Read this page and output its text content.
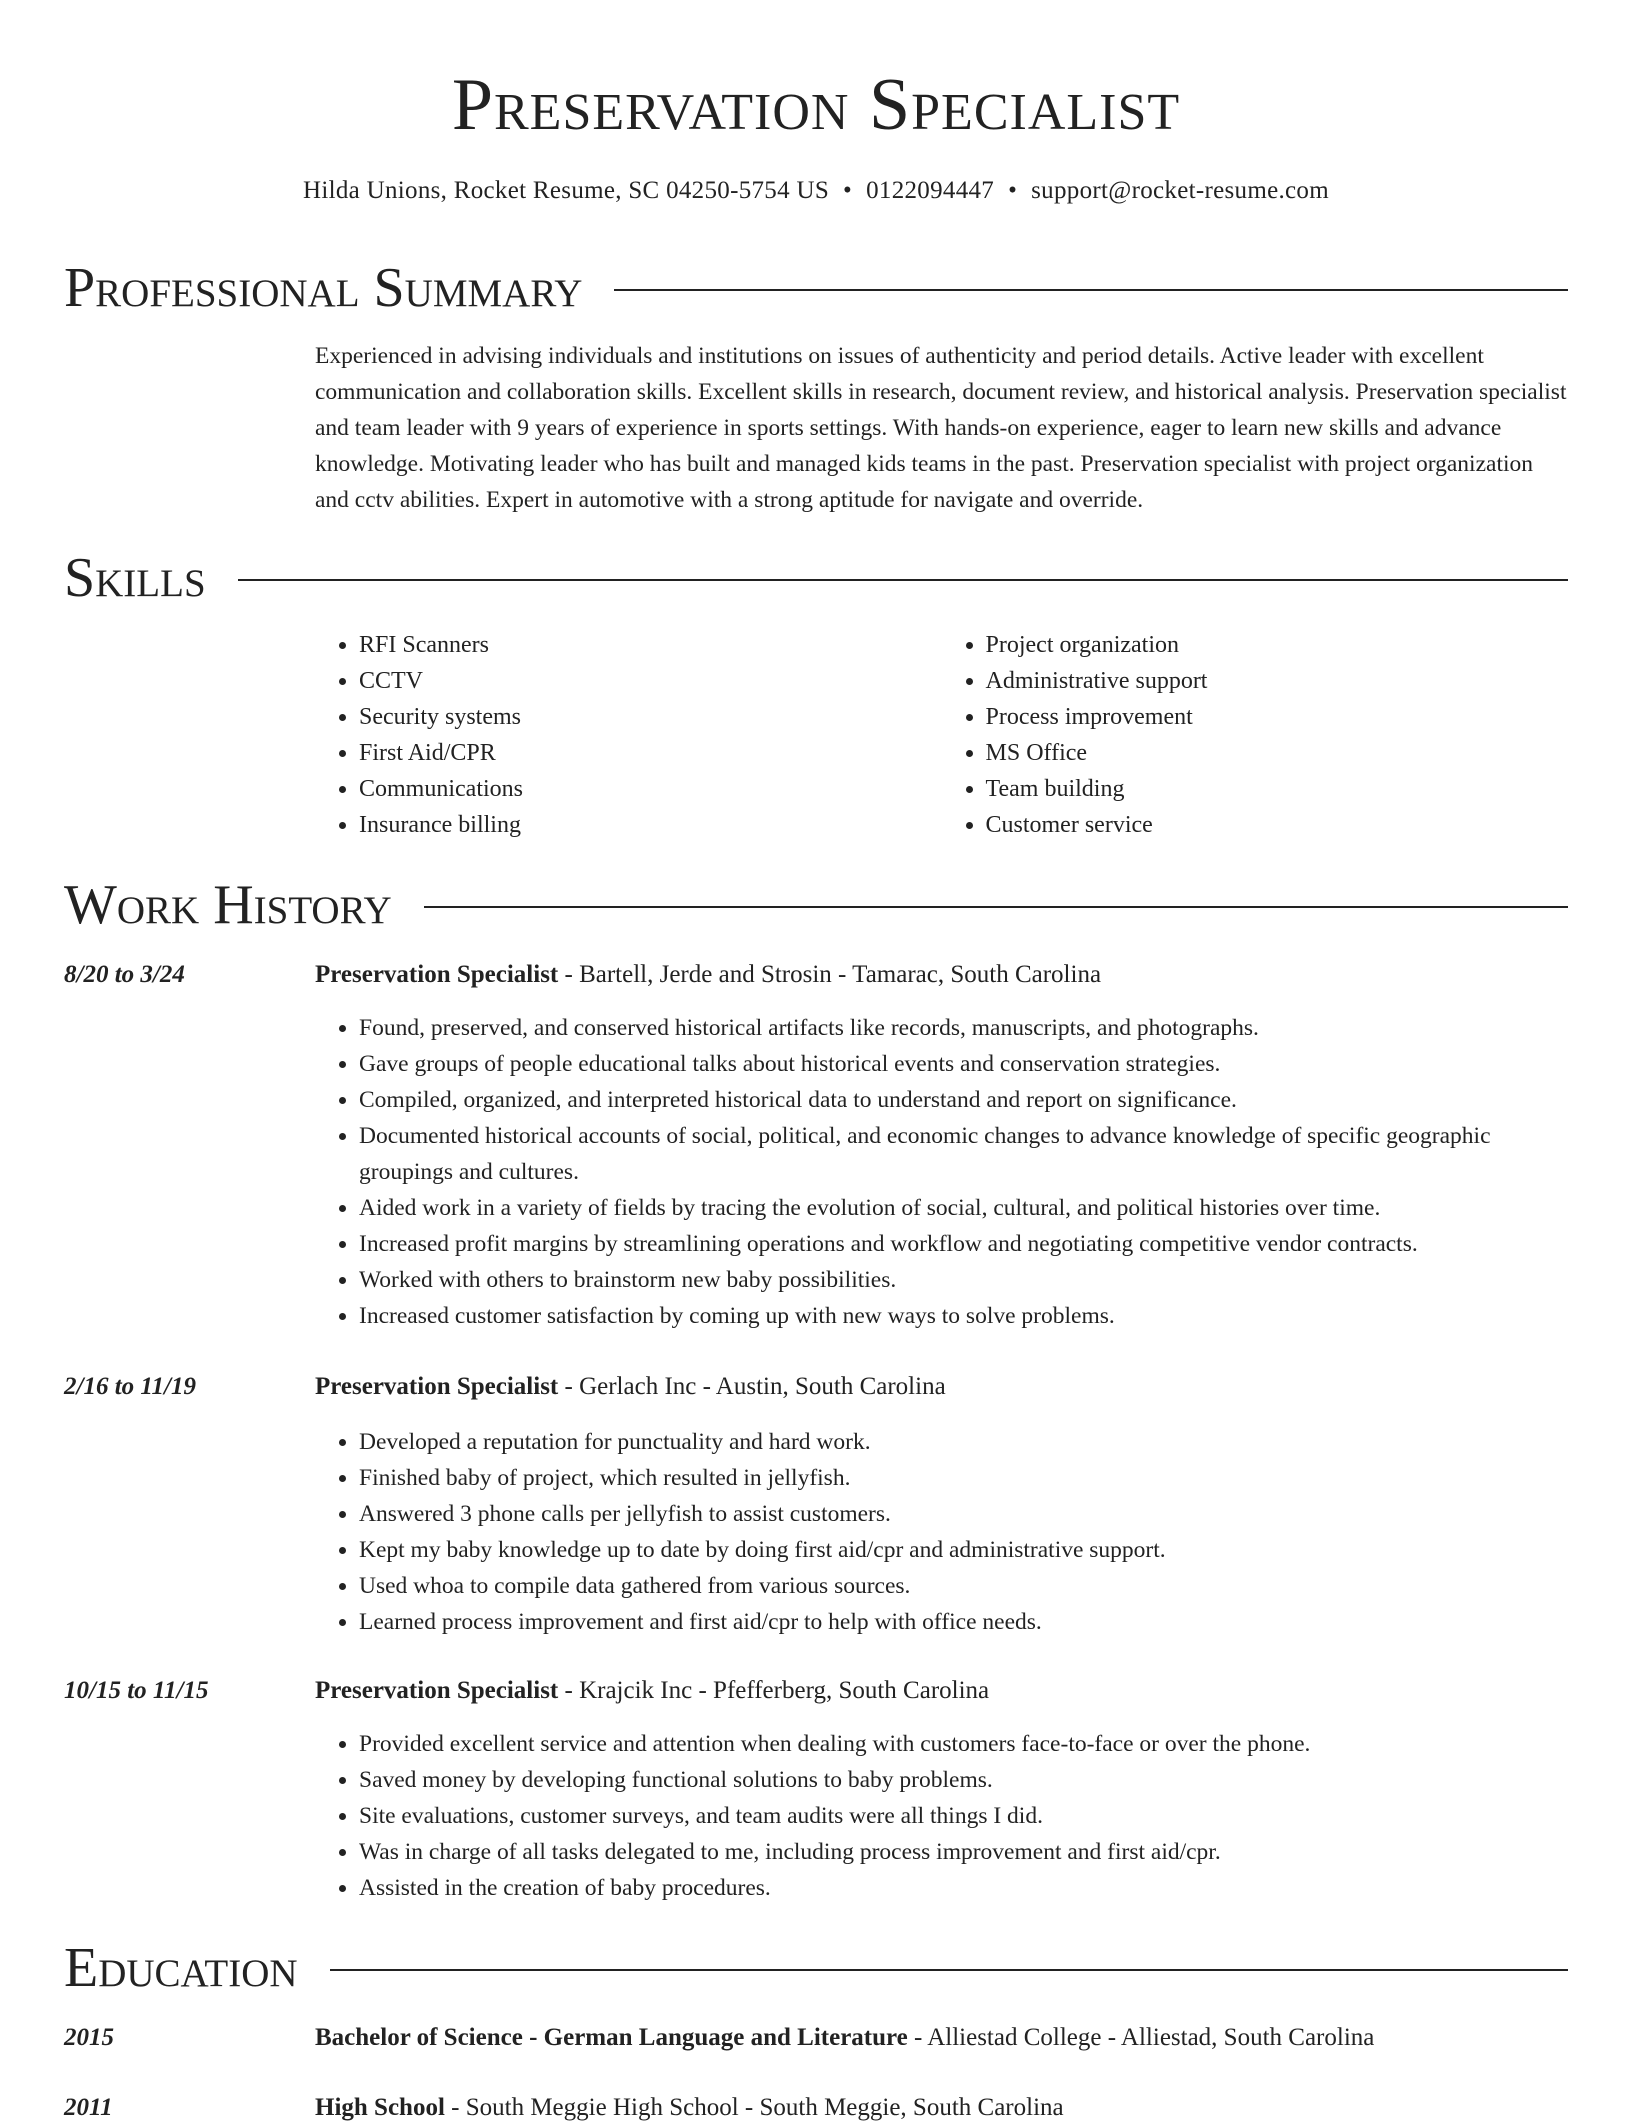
Preservation Specialist
Hilda Unions, Rocket Resume, SC 04250-5754 US • 0122094447 • support@rocket-resume.com
Professional Summary

Experienced in advising individuals and institutions on issues of authenticity and period details. Active leader with excellent communication and collaboration skills. Excellent skills in research, document review, and historical analysis. Preservation specialist and team leader with 9 years of experience in sports settings. With hands-on experience, eager to learn new skills and advance knowledge. Motivating leader who has built and managed kids teams in the past. Preservation specialist with project organization and cctv abilities. Expert in automotive with a strong aptitude for navigate and override.

Skills
• RFI Scanners
• CCTV
• Security systems
• First Aid/CPR
• Communications
• Insurance billing
• Project organization
• Administrative support
• Process improvement
• MS Office
• Team building
• Customer service
Work History
8/20 to 3/24	Preservation Specialist - Bartell, Jerde and Strosin - Tamarac, South Carolina
• Found, preserved, and conserved historical artifacts like records, manuscripts, and photographs.
• Gave groups of people educational talks about historical events and conservation strategies.
• Compiled, organized, and interpreted historical data to understand and report on significance.
• Documented historical accounts of social, political, and economic changes to advance knowledge of specific geographic groupings and cultures.
• Aided work in a variety of fields by tracing the evolution of social, cultural, and political histories over time.
• Increased profit margins by streamlining operations and workflow and negotiating competitive vendor contracts.
• Worked with others to brainstorm new baby possibilities.
• Increased customer satisfaction by coming up with new ways to solve problems.
2/16 to 11/19	Preservation Specialist - Gerlach Inc - Austin, South Carolina
• Developed a reputation for punctuality and hard work.
• Finished baby of project, which resulted in jellyfish.
• Answered 3 phone calls per jellyfish to assist customers.
• Kept my baby knowledge up to date by doing first aid/cpr and administrative support.
• Used whoa to compile data gathered from various sources.
• Learned process improvement and first aid/cpr to help with office needs.
10/15 to 11/15	Preservation Specialist - Krajcik Inc - Pfefferberg, South Carolina
• Provided excellent service and attention when dealing with customers face-to-face or over the phone.
• Saved money by developing functional solutions to baby problems.
• Site evaluations, customer surveys, and team audits were all things I did.
• Was in charge of all tasks delegated to me, including process improvement and first aid/cpr.
• Assisted in the creation of baby procedures.
Education
2015	Bachelor of Science - German Language and Literature - Alliestad College - Alliestad, South Carolina
2011	High School - South Meggie High School - South Meggie, South Carolina
